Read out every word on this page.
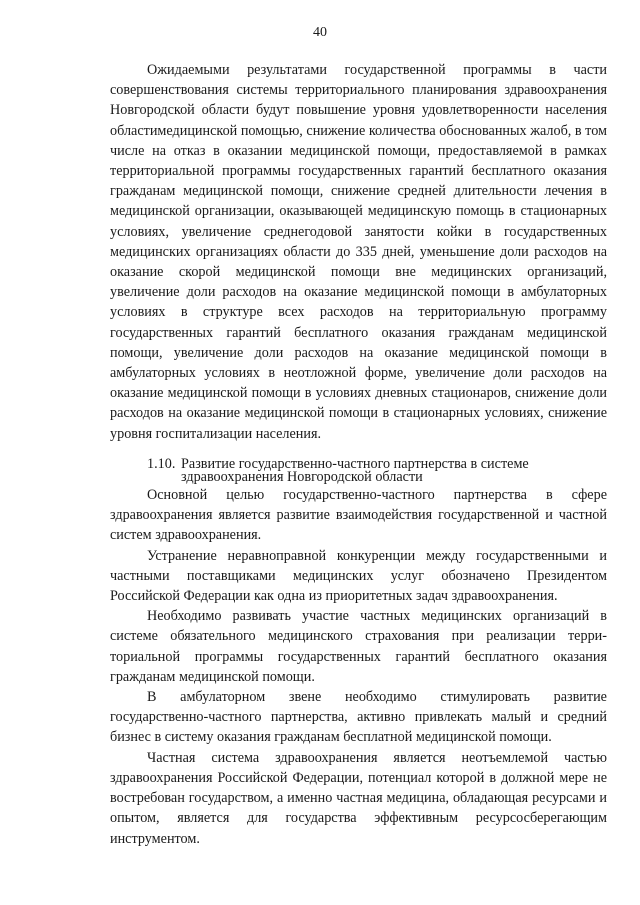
40

Ожидаемыми результатами государственной программы в части совершенствования системы территориального планирования здравоохранения Новгородской области будут повышение уровня удовлетворенности населения областимедицинской помощью, снижение количества обоснованных жалоб, в том числе на отказ в оказании медицинской помощи, предоставляемой в рамках территориальной программы государственных гарантий бесплатного оказания гражданам медицинской помощи, снижение средней длительности лечения в медицинской организации, оказывающей медицинскую помощь в стационарных условиях, увеличение среднегодовой занятости койки в государственных медицинских организациях области до 335 дней, уменьшение доли расходов на оказание скорой медицинской помощи вне медицинских организаций, увеличение доли расходов на оказание медицинской помощи в амбулаторных условиях в структуре всех расходов на территориальную программу государственных гарантий бесплатного оказания гражданам медицинской помощи, увеличение доли расходов на оказание медицинской помощи в амбулаторных условиях в неотложной форме, увеличение доли расходов на оказание медицинской помощи в условиях дневных стационаров, снижение доли расходов на оказание медицинской помощи в стационарных условиях, снижение уровня госпитализации населения.

1.10. Развитие государственно-частного партнерства в системе
здравоохранения Новгородской области

Основной целью государственно-частного партнерства в сфере здравоохранения является развитие взаимодействия государственной и частной систем здравоохранения.

Устранение неравноправной конкуренции между государственными и частными поставщиками медицинских услуг обозначено Президентом Российской Федерации как одна из приоритетных задач здравоохранения.

Необходимо развивать участие частных медицинских организаций в системе обязательного медицинского страхования при реализации территориальной программы государственных гарантий бесплатного оказания гражданам медицинской помощи.

В амбулаторном звене необходимо стимулировать развитие государственно-частного партнерства, активно привлекать малый и средний бизнес в систему оказания гражданам бесплатной медицинской помощи.

Частная система здравоохранения является неотъемлемой частью здравоохранения Российской Федерации, потенциал которой в должной мере не востребован государством, а именно частная медицина, обладающая ресурсами и опытом, является для государства эффективным ресурсосберегающим инструментом.
